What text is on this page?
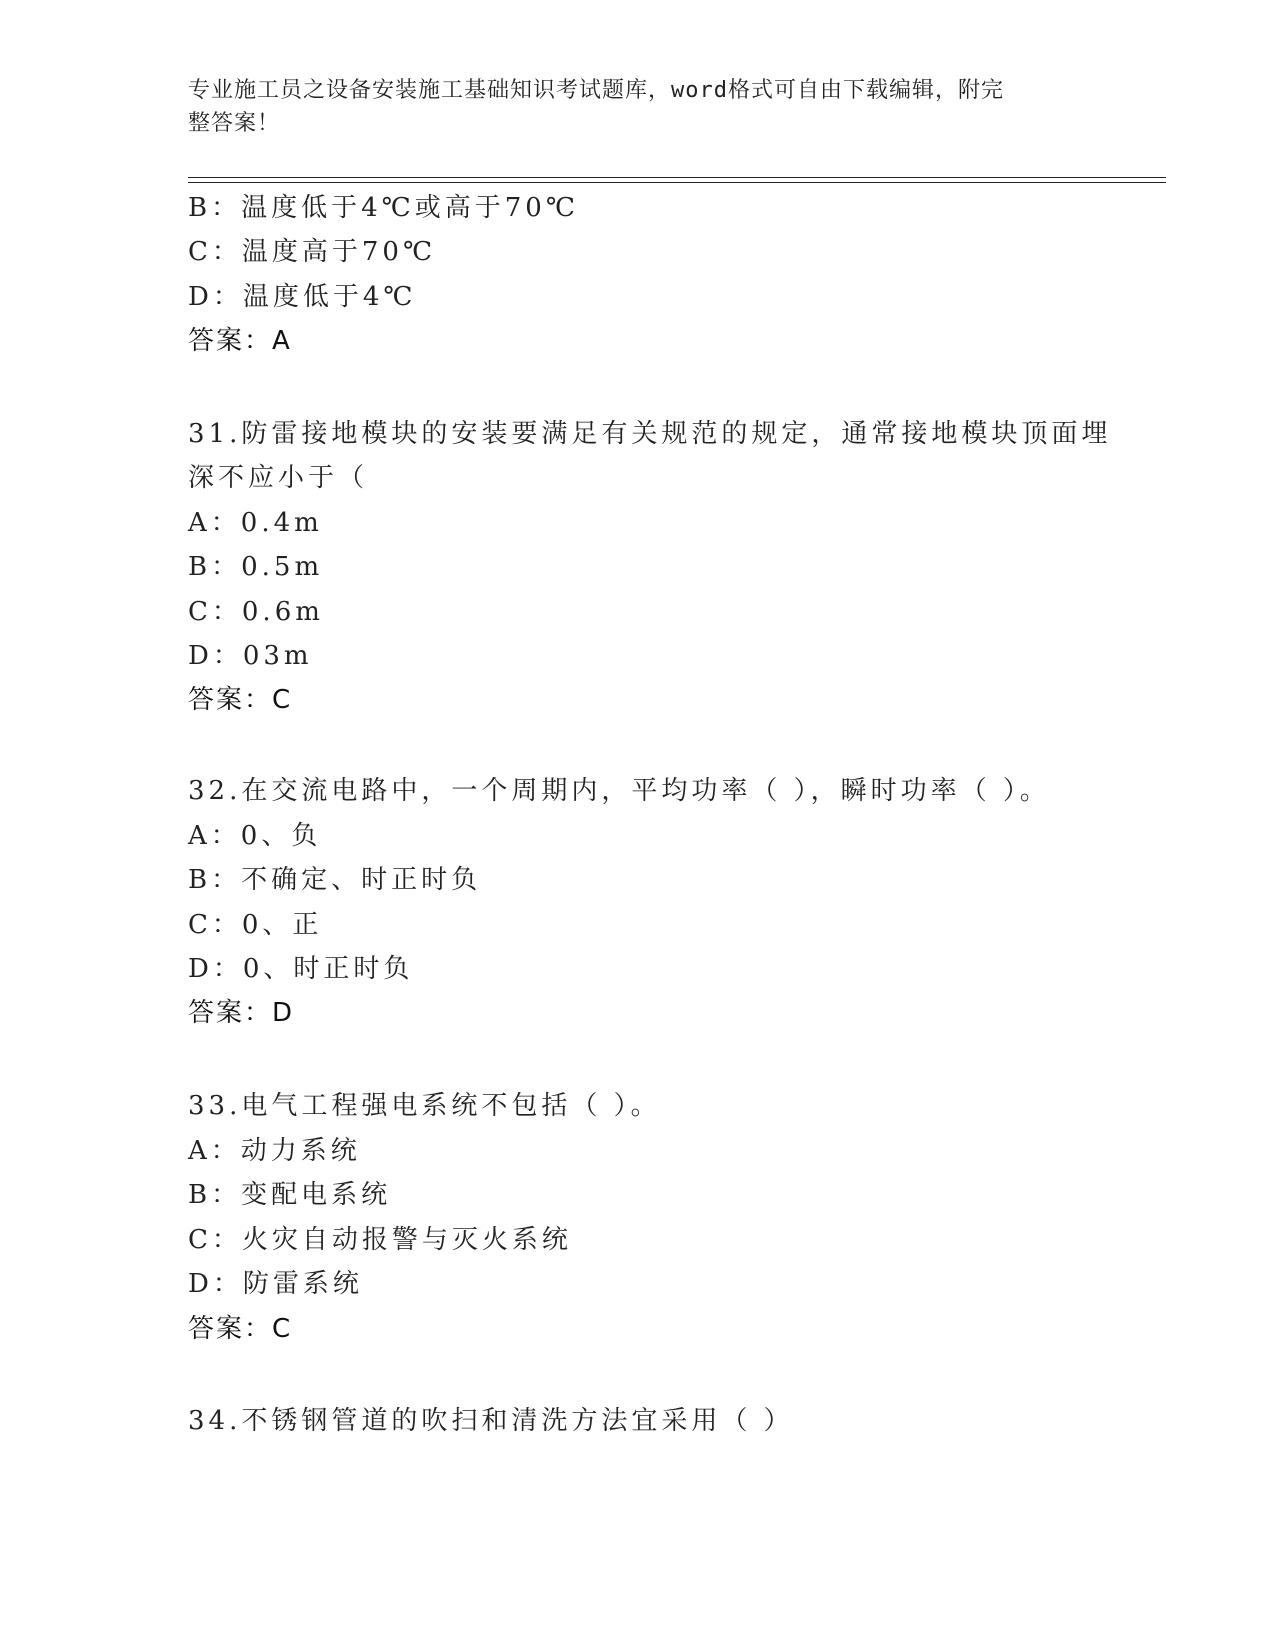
专业施工员之设备安装施工基础知识考试题库，word格式可自由下载编辑，附完
整答案！
B：温度低于4℃或高于70℃
C：温度高于70℃
D：温度低于4℃
答案：A
31.防雷接地模块的安装要满足有关规范的规定，通常接地模块顶面埋
深不应小于（
A：0.4m
B：0.5m
C：0.6m
D：03m
答案：C
32.在交流电路中，一个周期内，平均功率（ ），瞬时功率（ ）。
A：0、负
B：不确定、时正时负
C：0、正
D：0、时正时负
答案：D
33.电气工程强电系统不包括（ ）。
A：动力系统
B：变配电系统
C：火灾自动报警与灭火系统
D：防雷系统
答案：C
34.不锈钢管道的吹扫和清洗方法宜采用（ ）
